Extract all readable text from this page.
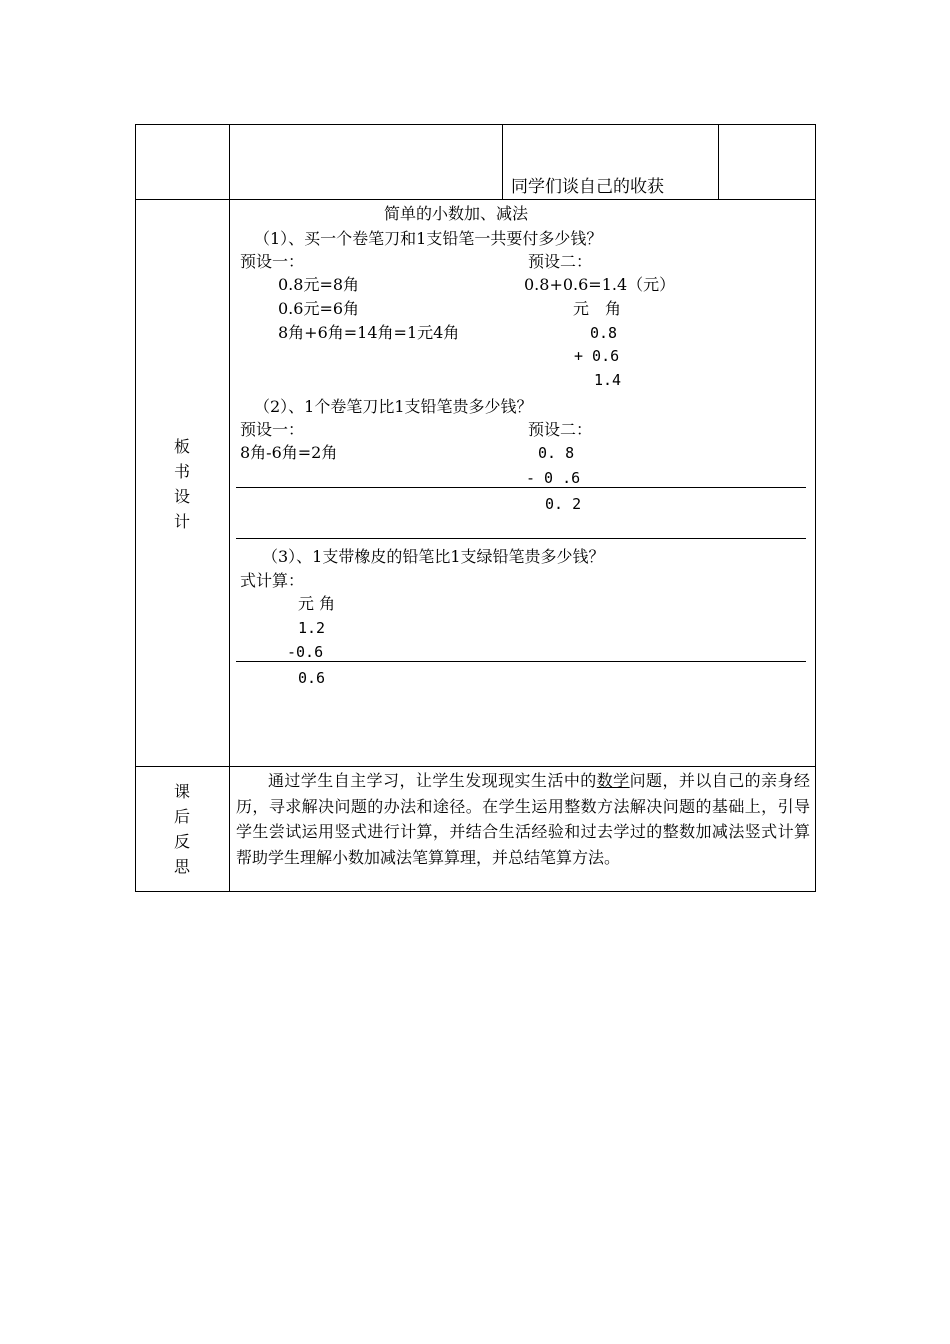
同学们谈自己的收获
板
书
设
计
简单的小数加、减法
（1）、买一个卷笔刀和1支铅笔一共要付多少钱？
预设一：	预设二：
0.8元=8角	0.8+0.6=1.4（元）
0.6元=6角	元　角
8角+6角=14角=1元4角	0.8
+ 0.6
1.4
（2）、1个卷笔刀比1支铅笔贵多少钱？
预设一：	预设二：
8角-6角=2角	0. 8
- 0 .6
0. 2
（3）、1支带橡皮的铅笔比1支绿铅笔贵多少钱？
式计算：
元 角
1.2
-0.6
0.6
课
后
反
思
通过学生自主学习，让学生发现现实生活中的数学问题，并以自己的亲身经历，寻求解决问题的办法和途径。在学生运用整数方法解决问题的基础上，引导学生尝试运用竖式进行计算，并结合生活经验和过去学过的整数加减法竖式计算帮助学生理解小数加减法笔算算理，并总结笔算方法。
